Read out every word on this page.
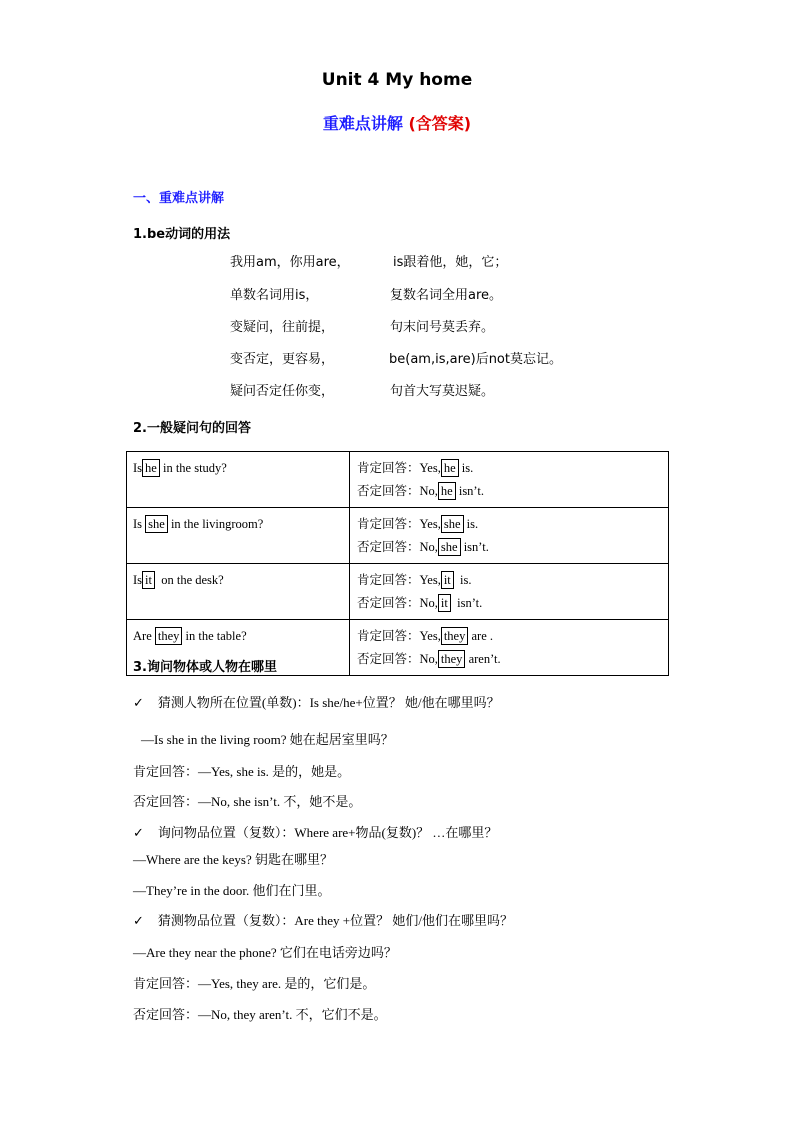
Unit 4 My home
重难点讲解 (含答案)
一、重难点讲解
1.be动词的用法
我用am，你用are，	is跟着他，她，它；
单数名词用is，	复数名词全用are。
变疑问，往前提，	句末问号莫丢弃。
变否定，更容易，	be(am,is,are)后not莫忘记。
疑问否定任你变，	句首大写莫迟疑。
2.一般疑问句的回答
Is he in the study?	肯定回答：Yes, he is.
否定回答：No, he isn’t.

Is she in the livingroom?	肯定回答：Yes, she is.
否定回答：No, she isn’t.

Is it on the desk?	肯定回答：Yes, it is.
否定回答：No, it isn’t.

Are they in the table?	肯定回答：Yes, they are .
否定回答：No, they aren’t.
3.询问物体或人物在哪里
✓ 猜测人物所在位置(单数)：Is she/he+位置？ 她/他在哪里吗？
—Is she in the living room? 她在起居室里吗？
肯定回答：—Yes, she is. 是的，她是。
否定回答：—No, she isn’t. 不，她不是。
✓ 询问物品位置（复数）：Where are+物品(复数)？ …在哪里？
—Where are the keys? 钥匙在哪里？
—They’re in the door. 他们在门里。
✓ 猜测物品位置（复数）：Are they +位置？ 她们/他们在哪里吗？
—Are they near the phone? 它们在电话旁边吗？
肯定回答：—Yes, they are. 是的，它们是。
否定回答：—No, they aren’t. 不，它们不是。
